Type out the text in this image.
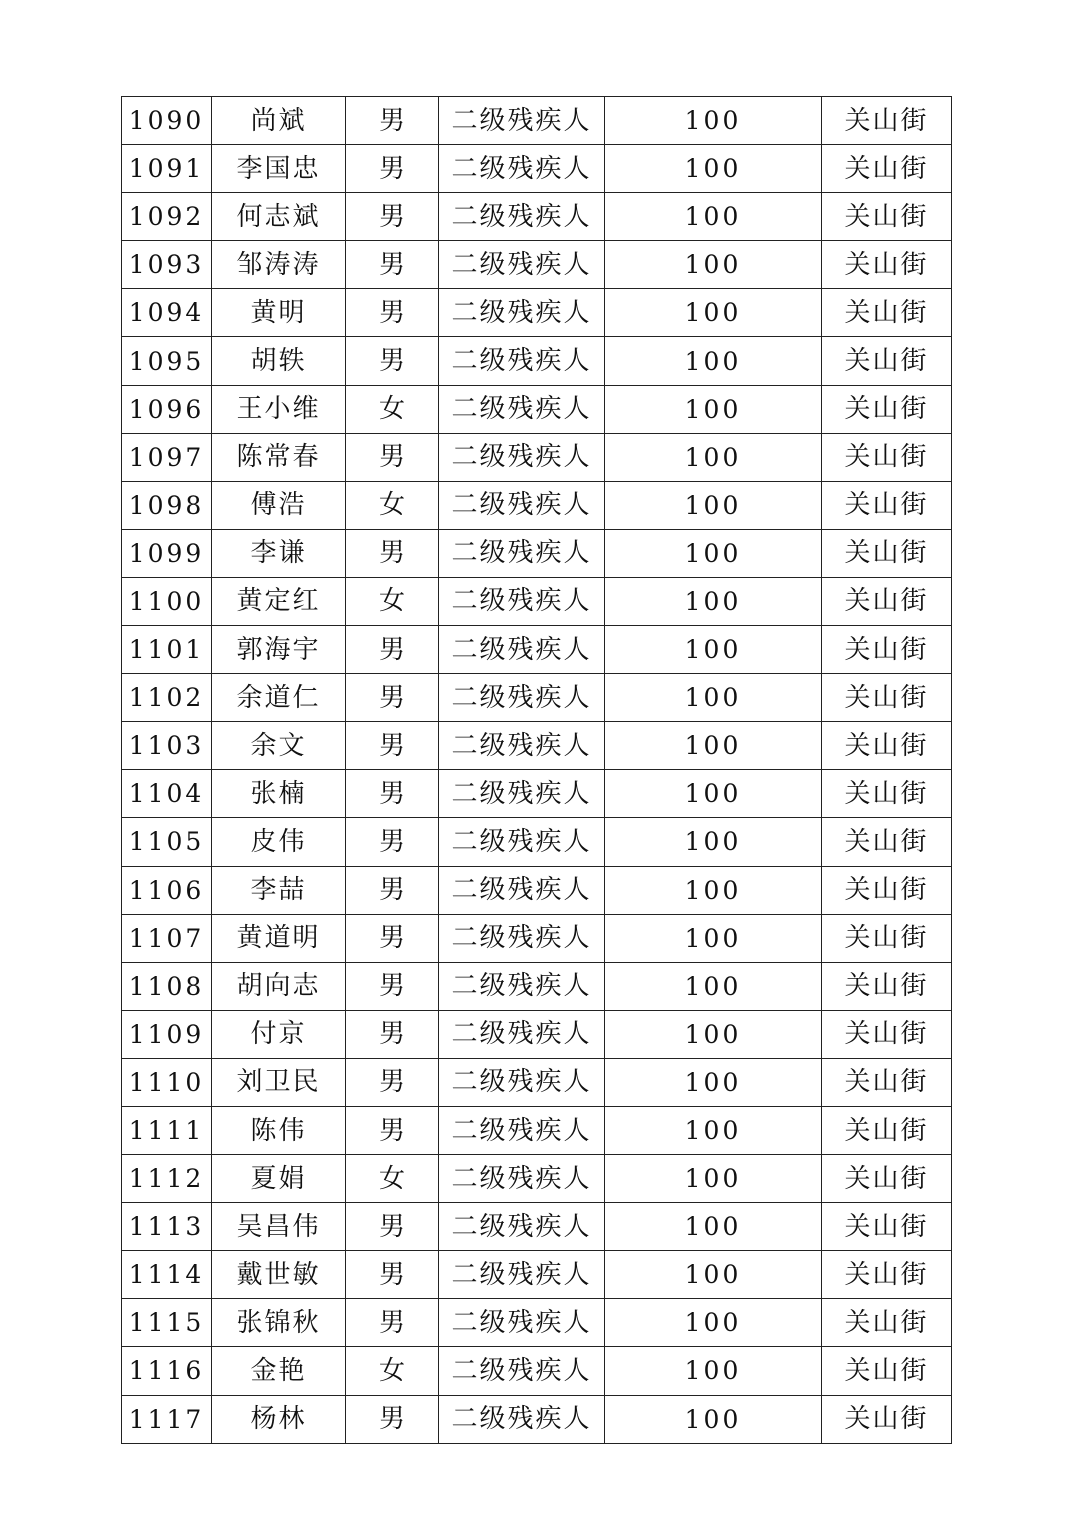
1090	尚斌	男	二级残疾人	100	关山街
1091	李国忠	男	二级残疾人	100	关山街
1092	何志斌	男	二级残疾人	100	关山街
1093	邹涛涛	男	二级残疾人	100	关山街
1094	黄明	男	二级残疾人	100	关山街
1095	胡轶	男	二级残疾人	100	关山街
1096	王小维	女	二级残疾人	100	关山街
1097	陈常春	男	二级残疾人	100	关山街
1098	傅浩	女	二级残疾人	100	关山街
1099	李谦	男	二级残疾人	100	关山街
1100	黄定红	女	二级残疾人	100	关山街
1101	郭海宇	男	二级残疾人	100	关山街
1102	余道仁	男	二级残疾人	100	关山街
1103	余文	男	二级残疾人	100	关山街
1104	张楠	男	二级残疾人	100	关山街
1105	皮伟	男	二级残疾人	100	关山街
1106	李喆	男	二级残疾人	100	关山街
1107	黄道明	男	二级残疾人	100	关山街
1108	胡向志	男	二级残疾人	100	关山街
1109	付京	男	二级残疾人	100	关山街
1110	刘卫民	男	二级残疾人	100	关山街
1111	陈伟	男	二级残疾人	100	关山街
1112	夏娟	女	二级残疾人	100	关山街
1113	吴昌伟	男	二级残疾人	100	关山街
1114	戴世敏	男	二级残疾人	100	关山街
1115	张锦秋	男	二级残疾人	100	关山街
1116	金艳	女	二级残疾人	100	关山街
1117	杨林	男	二级残疾人	100	关山街
